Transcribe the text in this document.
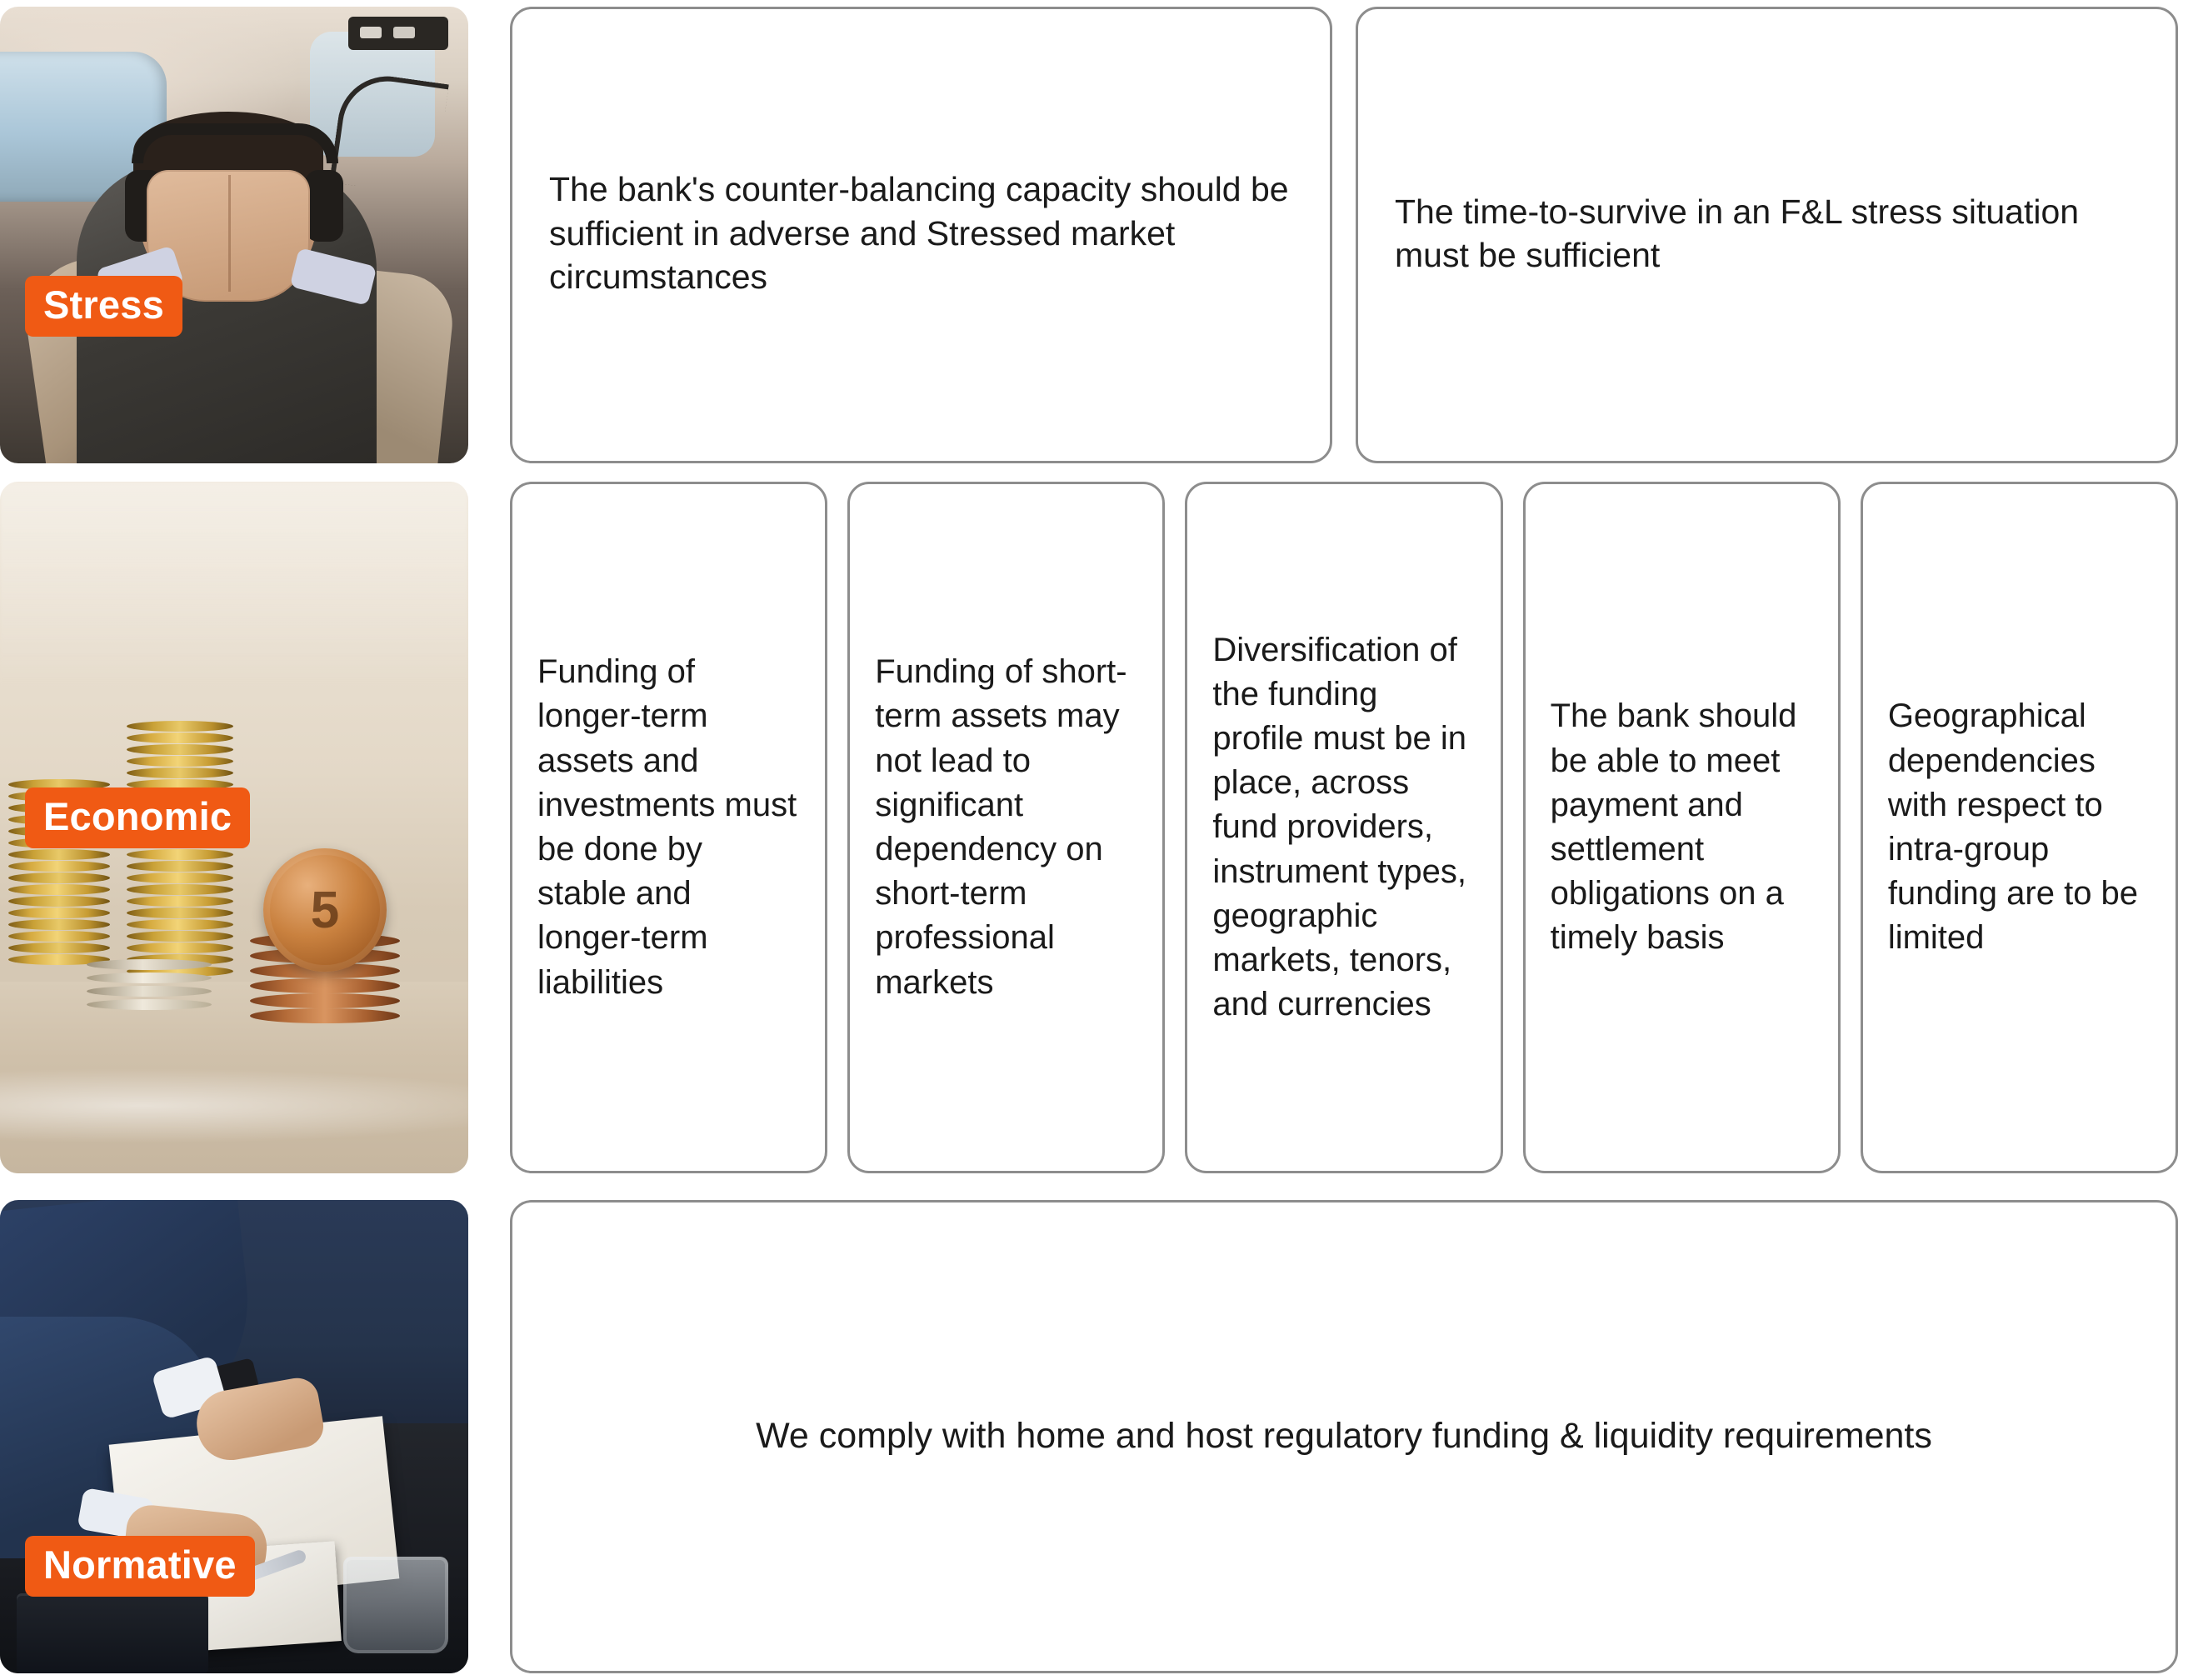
Stress

The bank's counter-balancing capacity should be sufficient in adverse and Stressed market circumstances

The time-to-survive in an F&L stress situation must be sufficient

5
Economic

Funding of longer-term assets and investments must be done by stable and longer-term liabilities

Funding of short-term assets may not lead to significant dependency on short-term professional markets

Diversification of the funding profile must be in place, across fund providers, instrument types, geographic markets, tenors, and currencies

The bank should be able to meet payment and settlement obligations on a timely basis

Geographical dependencies with respect to intra-group funding are to be limited

Normative

We comply with home and host regulatory funding & liquidity requirements
